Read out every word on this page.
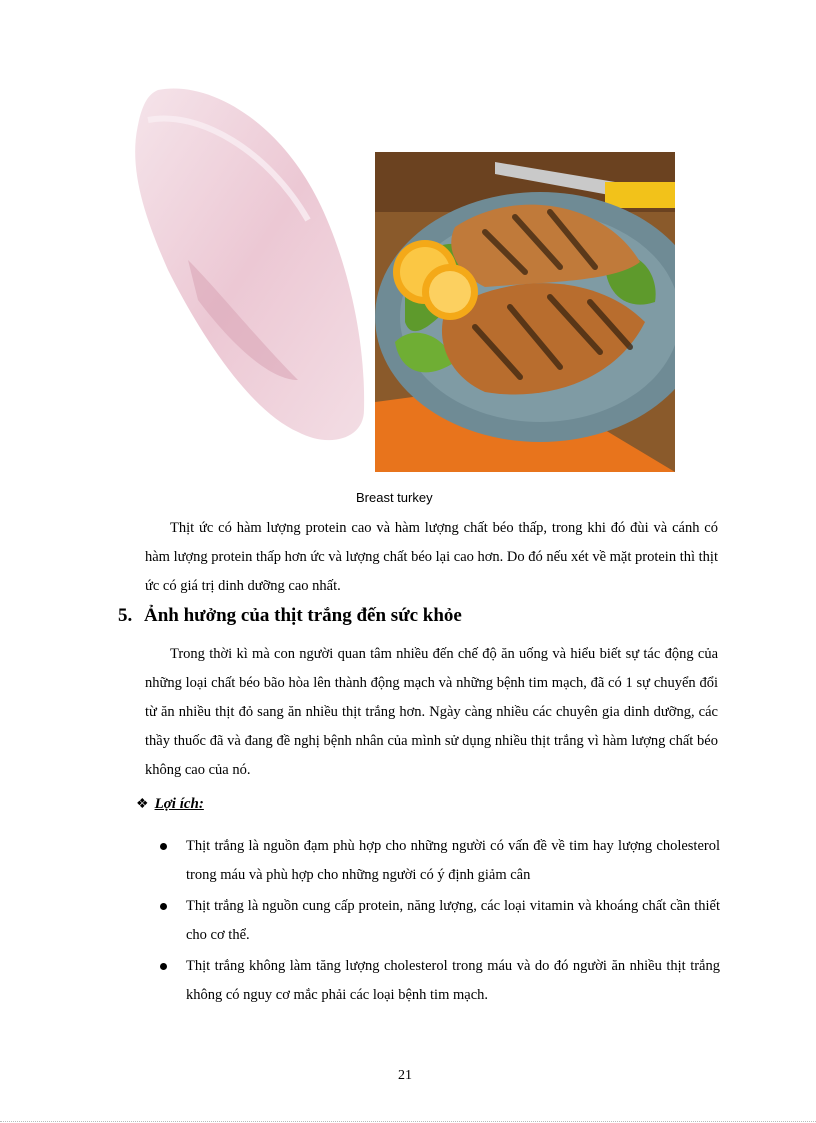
Breast turkey

Thịt ức có hàm lượng protein cao và hàm lượng chất béo thấp, trong khi đó đùi và cánh có hàm lượng protein thấp hơn ức và lượng chất béo lại cao hơn. Do đó nếu xét về mặt protein thì thịt ức có giá trị dinh dưỡng cao nhất.

5. Ảnh hưởng của thịt trắng đến sức khỏe

Trong thời kì mà con người quan tâm nhiều đến chế độ ăn uống và hiểu biết sự tác động của những loại chất béo bão hòa lên thành động mạch và những bệnh tim mạch, đã có 1 sự chuyển đổi từ ăn nhiều thịt đỏ sang ăn nhiều thịt trắng hơn. Ngày càng nhiều các chuyên gia dinh dưỡng, các thầy thuốc đã và đang đề nghị bệnh nhân của mình sử dụng nhiều thịt trắng vì hàm lượng chất béo không cao của nó.

❖ Lợi ích:
Thịt trắng là nguồn đạm phù hợp cho những người có vấn đề về tim hay lượng cholesterol trong máu và phù hợp cho những người có ý định giảm cân
Thịt trắng là nguồn cung cấp protein, năng lượng, các loại vitamin và khoáng chất cần thiết cho cơ thể.
Thịt trắng không làm tăng lượng cholesterol trong máu và do đó người ăn nhiều thịt trắng không có nguy cơ mắc phải các loại bệnh tim mạch.
21
